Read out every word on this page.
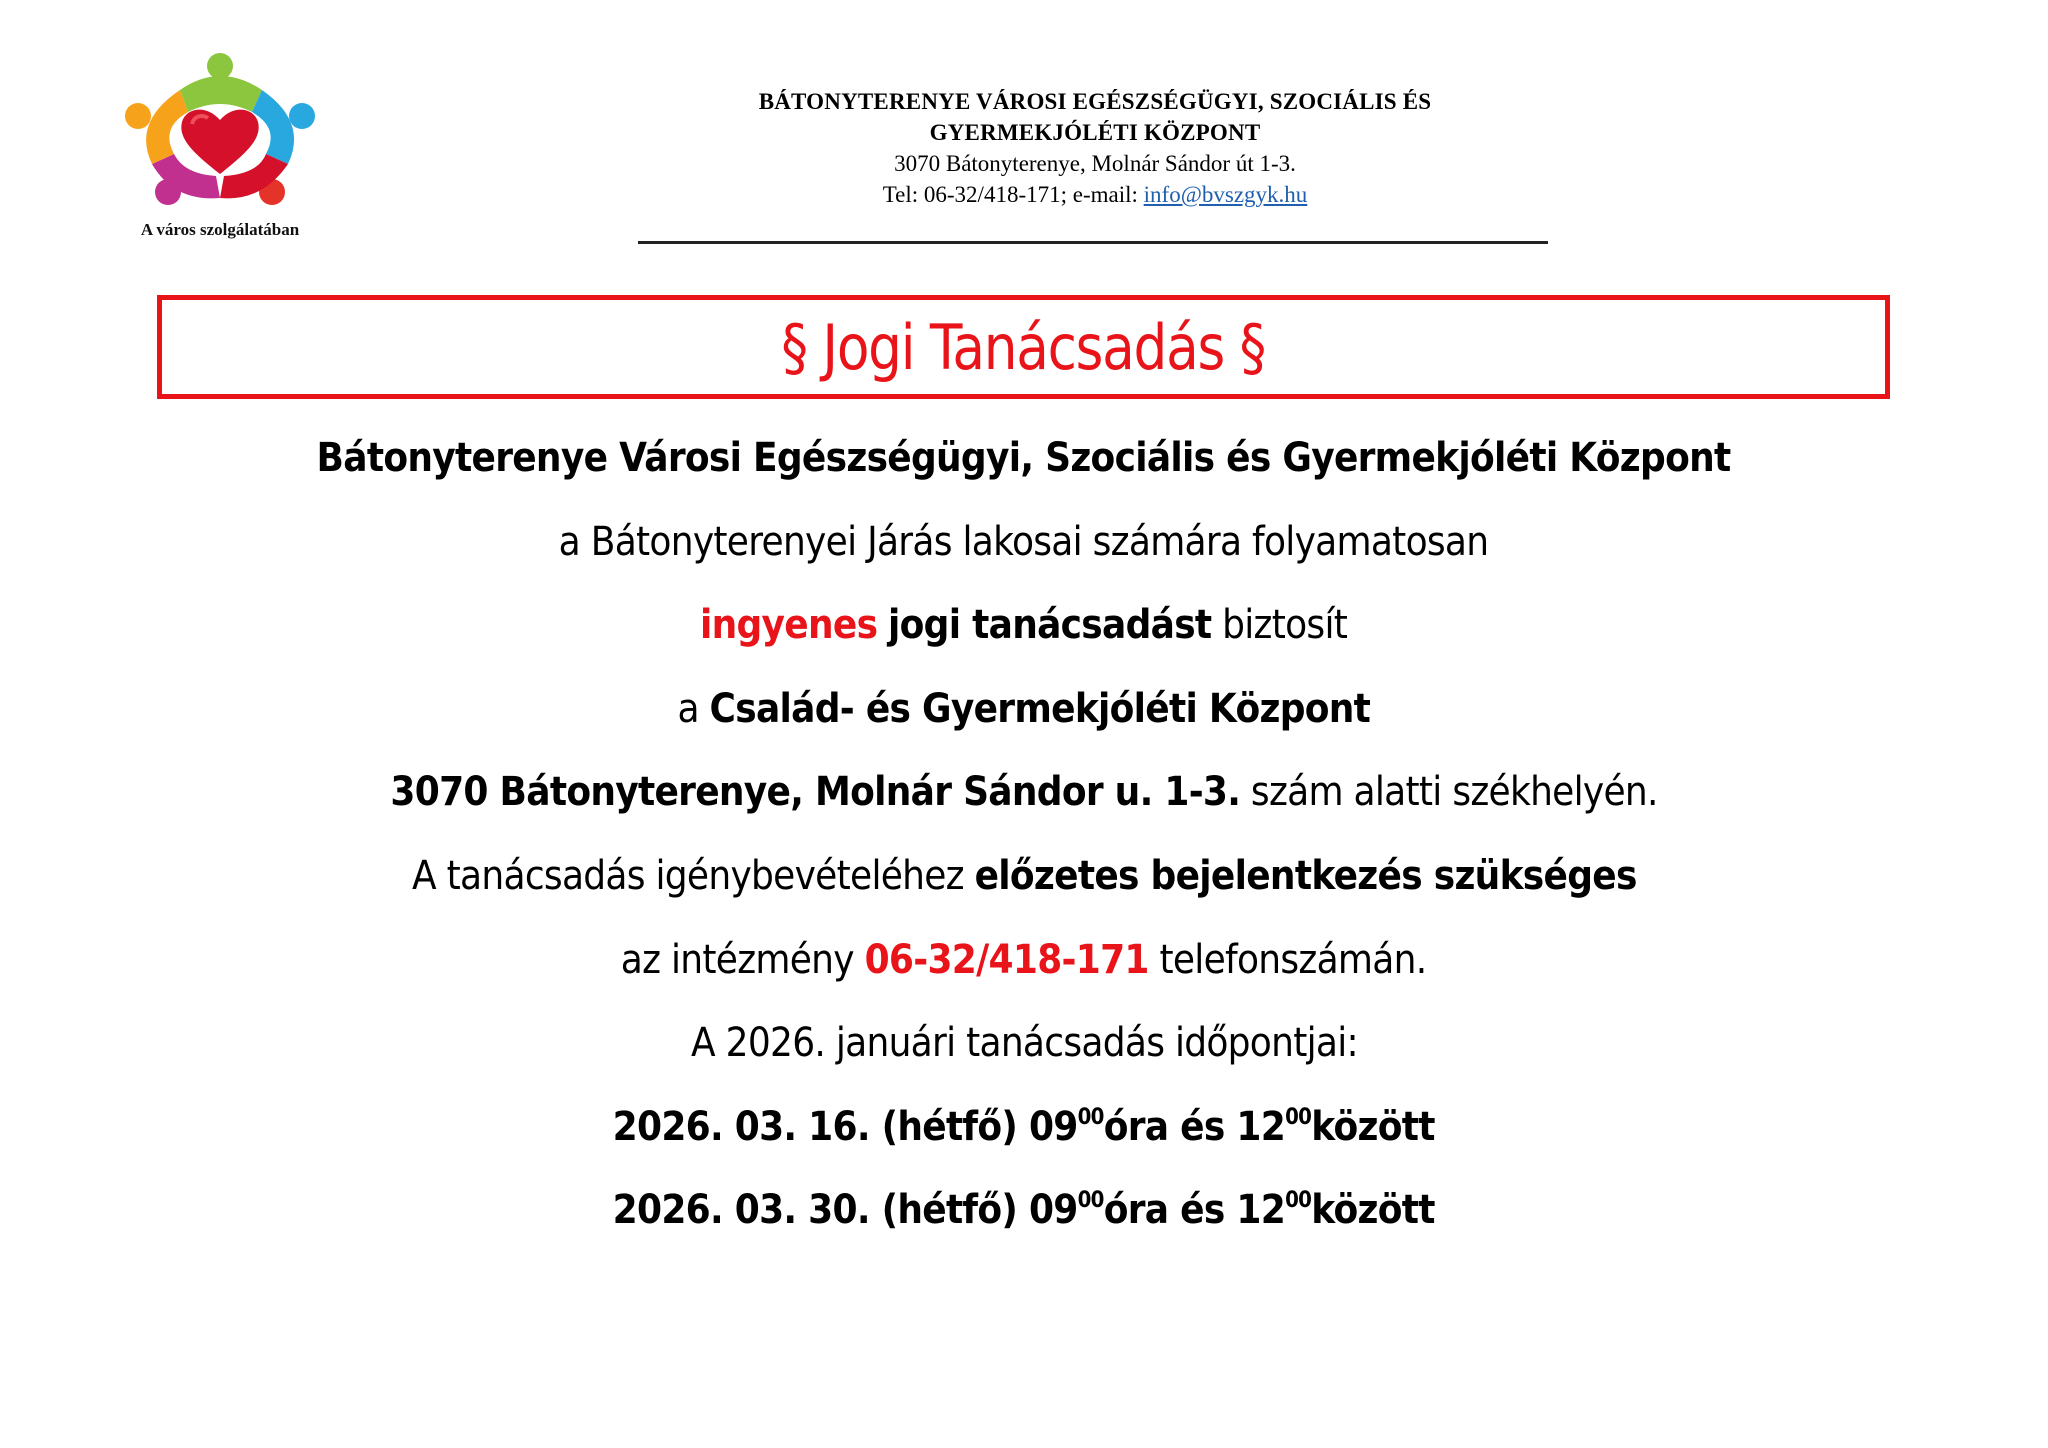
A város szolgálatában
BÁTONYTERENYE VÁROSI EGÉSZSÉGÜGYI, SZOCIÁLIS ÉS
GYERMEKJÓLÉTI KÖZPONT
3070 Bátonyterenye, Molnár Sándor út 1-3.
Tel: 06-32/418-171; e-mail: info@bvszgyk.hu
§ Jogi Tanácsadás §
Bátonyterenye Városi Egészségügyi, Szociális és Gyermekjóléti Központ
a Bátonyterenyei Járás lakosai számára folyamatosan
ingyenes jogi tanácsadást biztosít
a Család- és Gyermekjóléti Központ
3070 Bátonyterenye, Molnár Sándor u. 1-3. szám alatti székhelyén.
A tanácsadás igénybevételéhez előzetes bejelentkezés szükséges
az intézmény 06-32/418-171 telefonszámán.
A 2026. januári tanácsadás időpontjai:
2026. 03. 16. (hétfő) $09^{00}óra$ és $12^{00}között$
2026. 03. 30. (hétfő) $09^{00}óra$ és $12^{00}között$
